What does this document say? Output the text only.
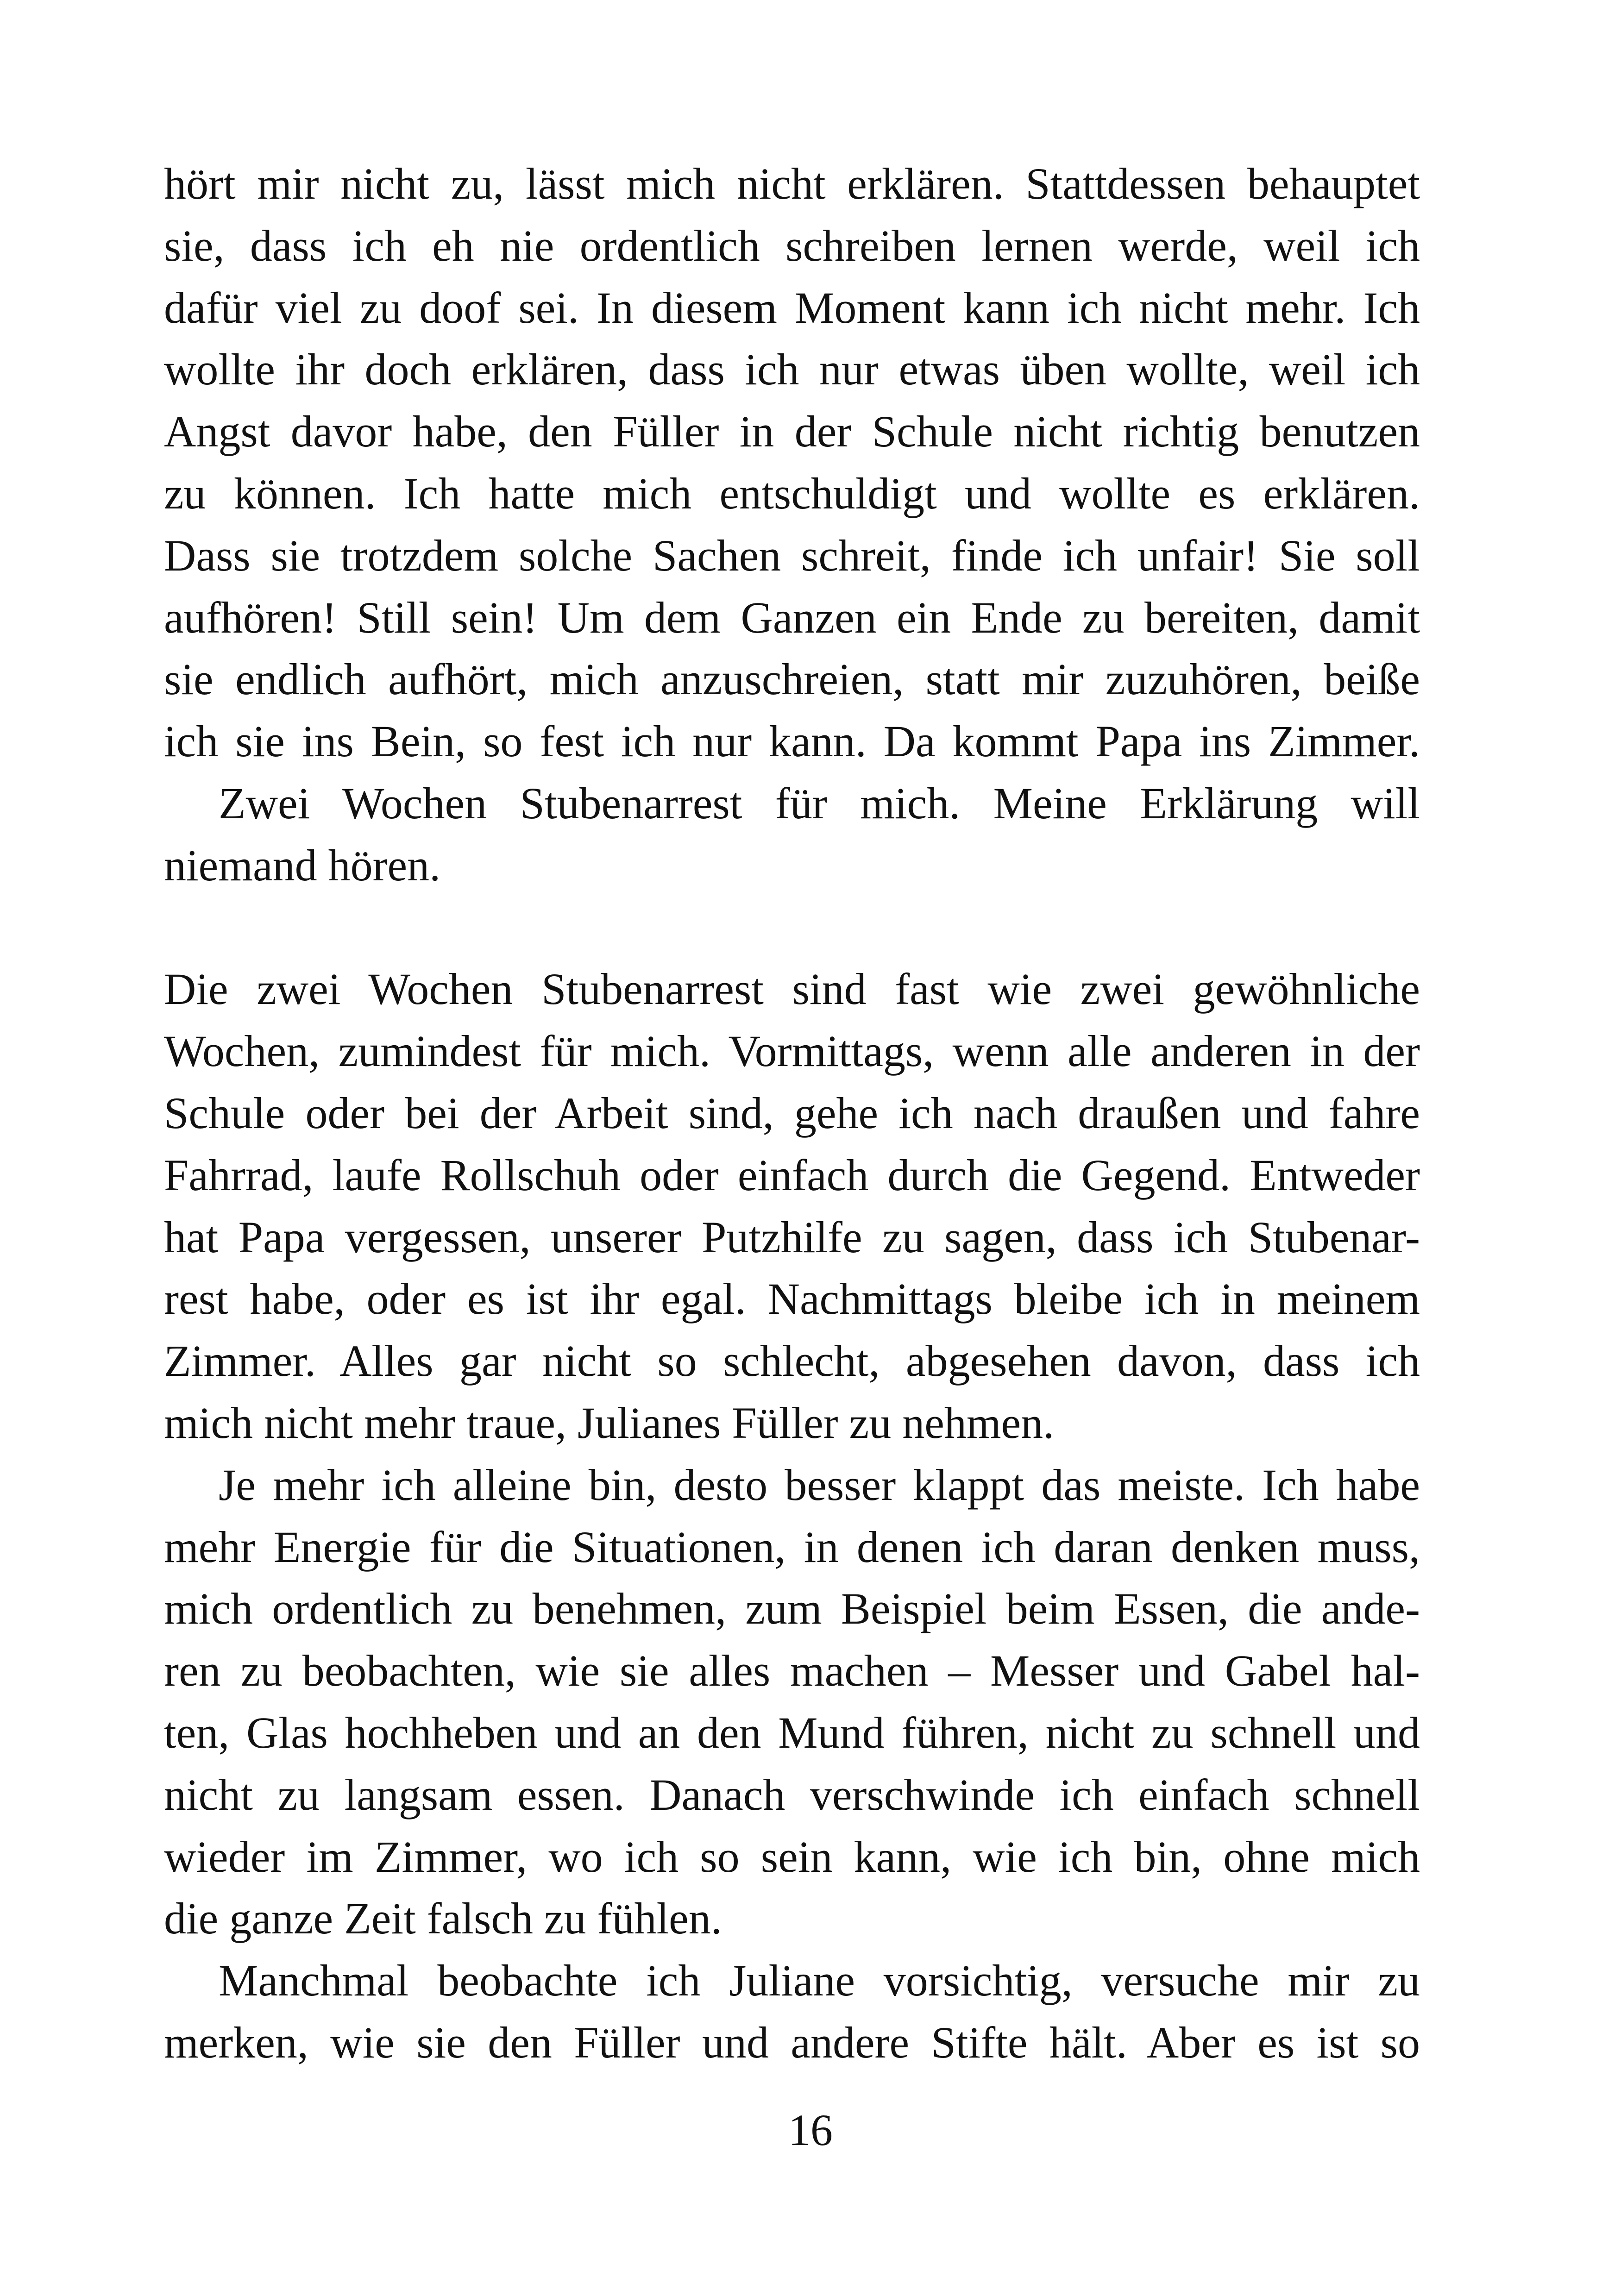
hört mir nicht zu, lässt mich nicht erklären. Stattdessen behauptet
sie, dass ich eh nie ordentlich schreiben lernen werde, weil ich
dafür viel zu doof sei. In diesem Moment kann ich nicht mehr. Ich
wollte ihr doch erklären, dass ich nur etwas üben wollte, weil ich
Angst davor habe, den Füller in der Schule nicht richtig benutzen
zu können. Ich hatte mich entschuldigt und wollte es erklären.
Dass sie trotzdem solche Sachen schreit, finde ich unfair! Sie soll
aufhören! Still sein! Um dem Ganzen ein Ende zu bereiten, damit
sie endlich aufhört, mich anzuschreien, statt mir zuzuhören, beiße
ich sie ins Bein, so fest ich nur kann. Da kommt Papa ins Zimmer.
Zwei Wochen Stubenarrest für mich. Meine Erklärung will
niemand hören.
Die zwei Wochen Stubenarrest sind fast wie zwei gewöhnliche
Wochen, zumindest für mich. Vormittags, wenn alle anderen in der
Schule oder bei der Arbeit sind, gehe ich nach draußen und fahre
Fahrrad, laufe Rollschuh oder einfach durch die Gegend. Entweder
hat Papa vergessen, unserer Putzhilfe zu sagen, dass ich Stubenar-
rest habe, oder es ist ihr egal. Nachmittags bleibe ich in meinem
Zimmer. Alles gar nicht so schlecht, abgesehen davon, dass ich
mich nicht mehr traue, Julianes Füller zu nehmen.
Je mehr ich alleine bin, desto besser klappt das meiste. Ich habe
mehr Energie für die Situationen, in denen ich daran denken muss,
mich ordentlich zu benehmen, zum Beispiel beim Essen, die ande-
ren zu beobachten, wie sie alles machen – Messer und Gabel hal-
ten, Glas hochheben und an den Mund führen, nicht zu schnell und
nicht zu langsam essen. Danach verschwinde ich einfach schnell
wieder im Zimmer, wo ich so sein kann, wie ich bin, ohne mich
die ganze Zeit falsch zu fühlen.
Manchmal beobachte ich Juliane vorsichtig, versuche mir zu
merken, wie sie den Füller und andere Stifte hält. Aber es ist so
16
